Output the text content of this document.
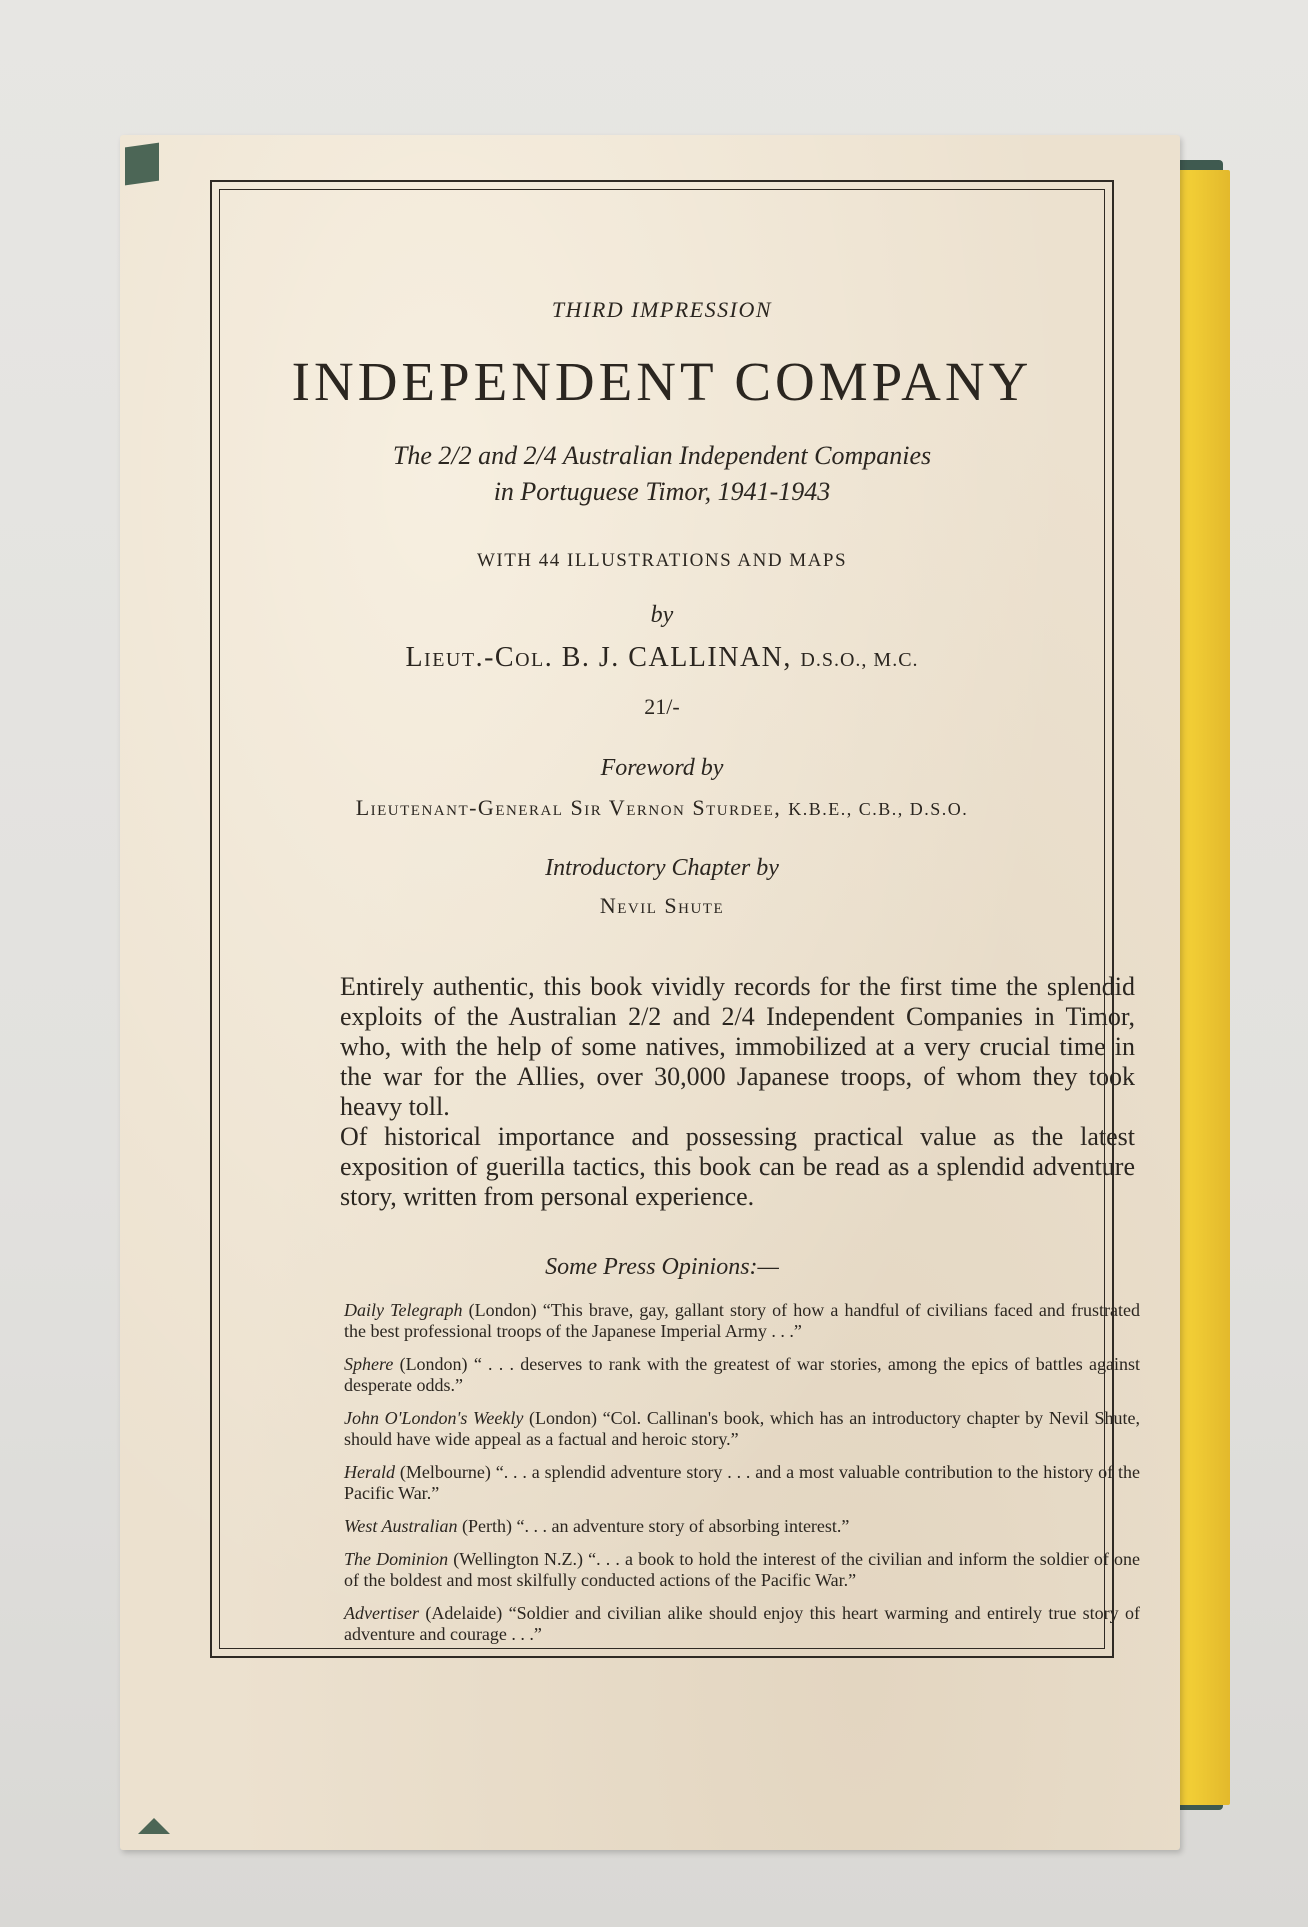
THIRD IMPRESSION

INDEPENDENT COMPANY
The 2/2 and 2/4 Australian Independent Companies
in Portuguese Timor, 1941-1943

WITH 44 ILLUSTRATIONS AND MAPS

by

Lieut.-Col. B. J. CALLINAN, D.S.O., M.C.

21/-

Foreword by

Lieutenant-General Sir Vernon Sturdee, K.B.E., C.B., D.S.O.

Introductory Chapter by

Nevil Shute

Entirely authentic, this book vividly records for the first time the splendid exploits of the Australian 2/2 and 2/4 Independent Companies in Timor, who, with the help of some natives, immobilized at a very crucial time in the war for the Allies, over 30,000 Japanese troops, of whom they took heavy toll.

Of historical importance and possessing practical value as the latest exposition of guerilla tactics, this book can be read as a splendid adventure story, written from personal experience.

Some Press Opinions:—

Daily Telegraph (London) “This brave, gay, gallant story of how a handful of civilians faced and frustrated the best professional troops of the Japanese Imperial Army . . .”
Sphere (London) “ . . . deserves to rank with the greatest of war stories, among the epics of battles against desperate odds.”
John O'London's Weekly (London) “Col. Callinan's book, which has an introductory chapter by Nevil Shute, should have wide appeal as a factual and heroic story.”
Herald (Melbourne) “. . . a splendid adventure story . . . and a most valuable contribution to the history of the Pacific War.”
West Australian (Perth) “. . . an adventure story of absorbing interest.”
The Dominion (Wellington N.Z.) “. . . a book to hold the interest of the civilian and inform the soldier of one of the boldest and most skilfully conducted actions of the Pacific War.”
Advertiser (Adelaide) “Soldier and civilian alike should enjoy this heart warming and entirely true story of adventure and courage . . .”
